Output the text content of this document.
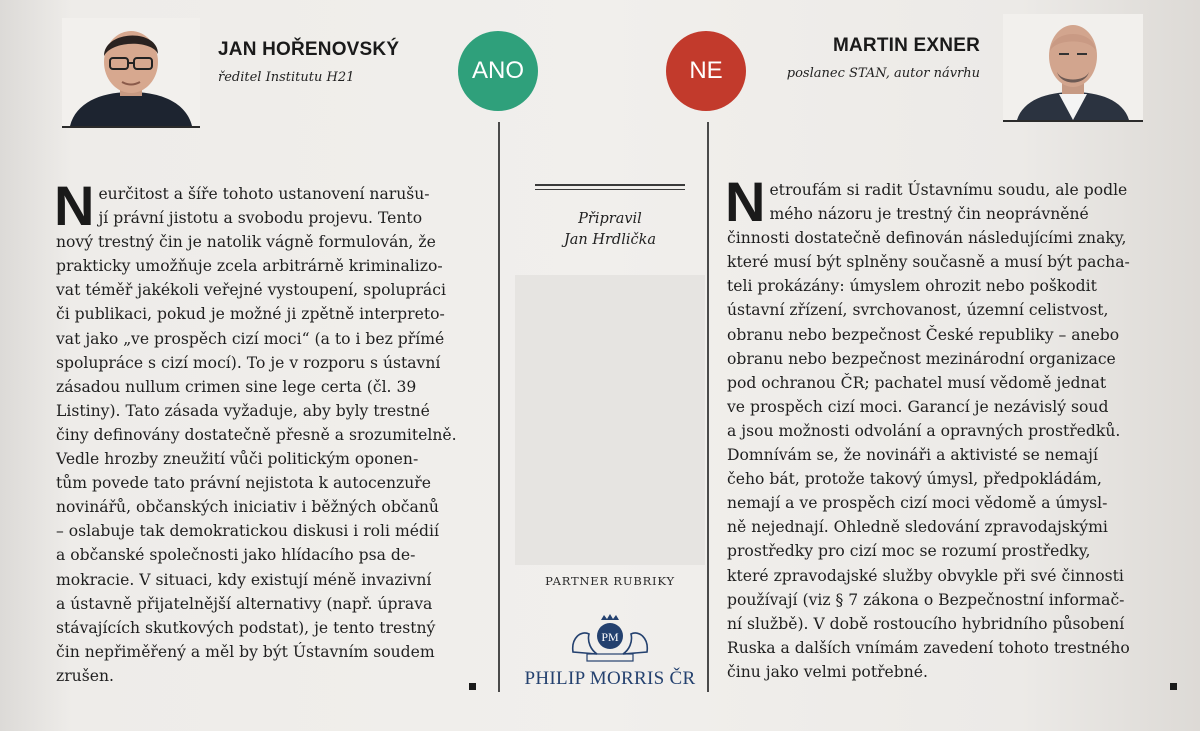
JAN HOŘENOVSKÝ
ředitel Institutu H21	ANO	NE
MARTIN EXNER
poslanec STAN, autor návrhu
Připravil
Jan Hrdlička
PARTNER RUBRIKY
PM
PHILIP MORRIS ČR
N eurčitost a šíře tohoto ustanovení narušu-
jí právní jistotu a svobodu projevu. Tento
nový trestný čin je natolik vágně formulován, že
prakticky umožňuje zcela arbitrárně kriminalizo-
vat téměř jakékoli veřejné vystoupení, spolupráci
či publikaci, pokud je možné ji zpětně interpreto-
vat jako „ve prospěch cizí moci“ (a to i bez přímé
spolupráce s cizí mocí). To je v rozporu s ústavní
zásadou nullum crimen sine lege certa (čl. 39
Listiny). Tato zásada vyžaduje, aby byly trestné
činy definovány dostatečně přesně a srozumitelně.
Vedle hrozby zneužití vůči politickým oponen-
tům povede tato právní nejistota k autocenzuře
novinářů, občanských iniciativ i běžných občanů
– oslabuje tak demokratickou diskusi i roli médií
a občanské společnosti jako hlídacího psa de-
mokracie. V situaci, kdy existují méně invazivní
a ústavně přijatelnější alternativy (např. úprava
stávajících skutkových podstat), je tento trestný
čin nepřiměřený a měl by být Ústavním soudem
zrušen.
N etroufám si radit Ústavnímu soudu, ale podle
mého názoru je trestný čin neoprávněné
činnosti dostatečně definován následujícími znaky,
které musí být splněny současně a musí být pacha-
teli prokázány: úmyslem ohrozit nebo poškodit
ústavní zřízení, svrchovanost, územní celistvost,
obranu nebo bezpečnost České republiky – anebo
obranu nebo bezpečnost mezinárodní organizace
pod ochranou ČR; pachatel musí vědomě jednat
ve prospěch cizí moci. Garancí je nezávislý soud
a jsou možnosti odvolání a opravných prostředků.
Domnívám se, že novináři a aktivisté se nemají
čeho bát, protože takový úmysl, předpokládám,
nemají a ve prospěch cizí moci vědomě a úmysl-
ně nejednají. Ohledně sledování zpravodajskými
prostředky pro cizí moc se rozumí prostředky,
které zpravodajské služby obvykle při své činnosti
používají (viz § 7 zákona o Bezpečnostní informač-
ní službě). V době rostoucího hybridního působení
Ruska a dalších vnímám zavedení tohoto trestného
činu jako velmi potřebné.
